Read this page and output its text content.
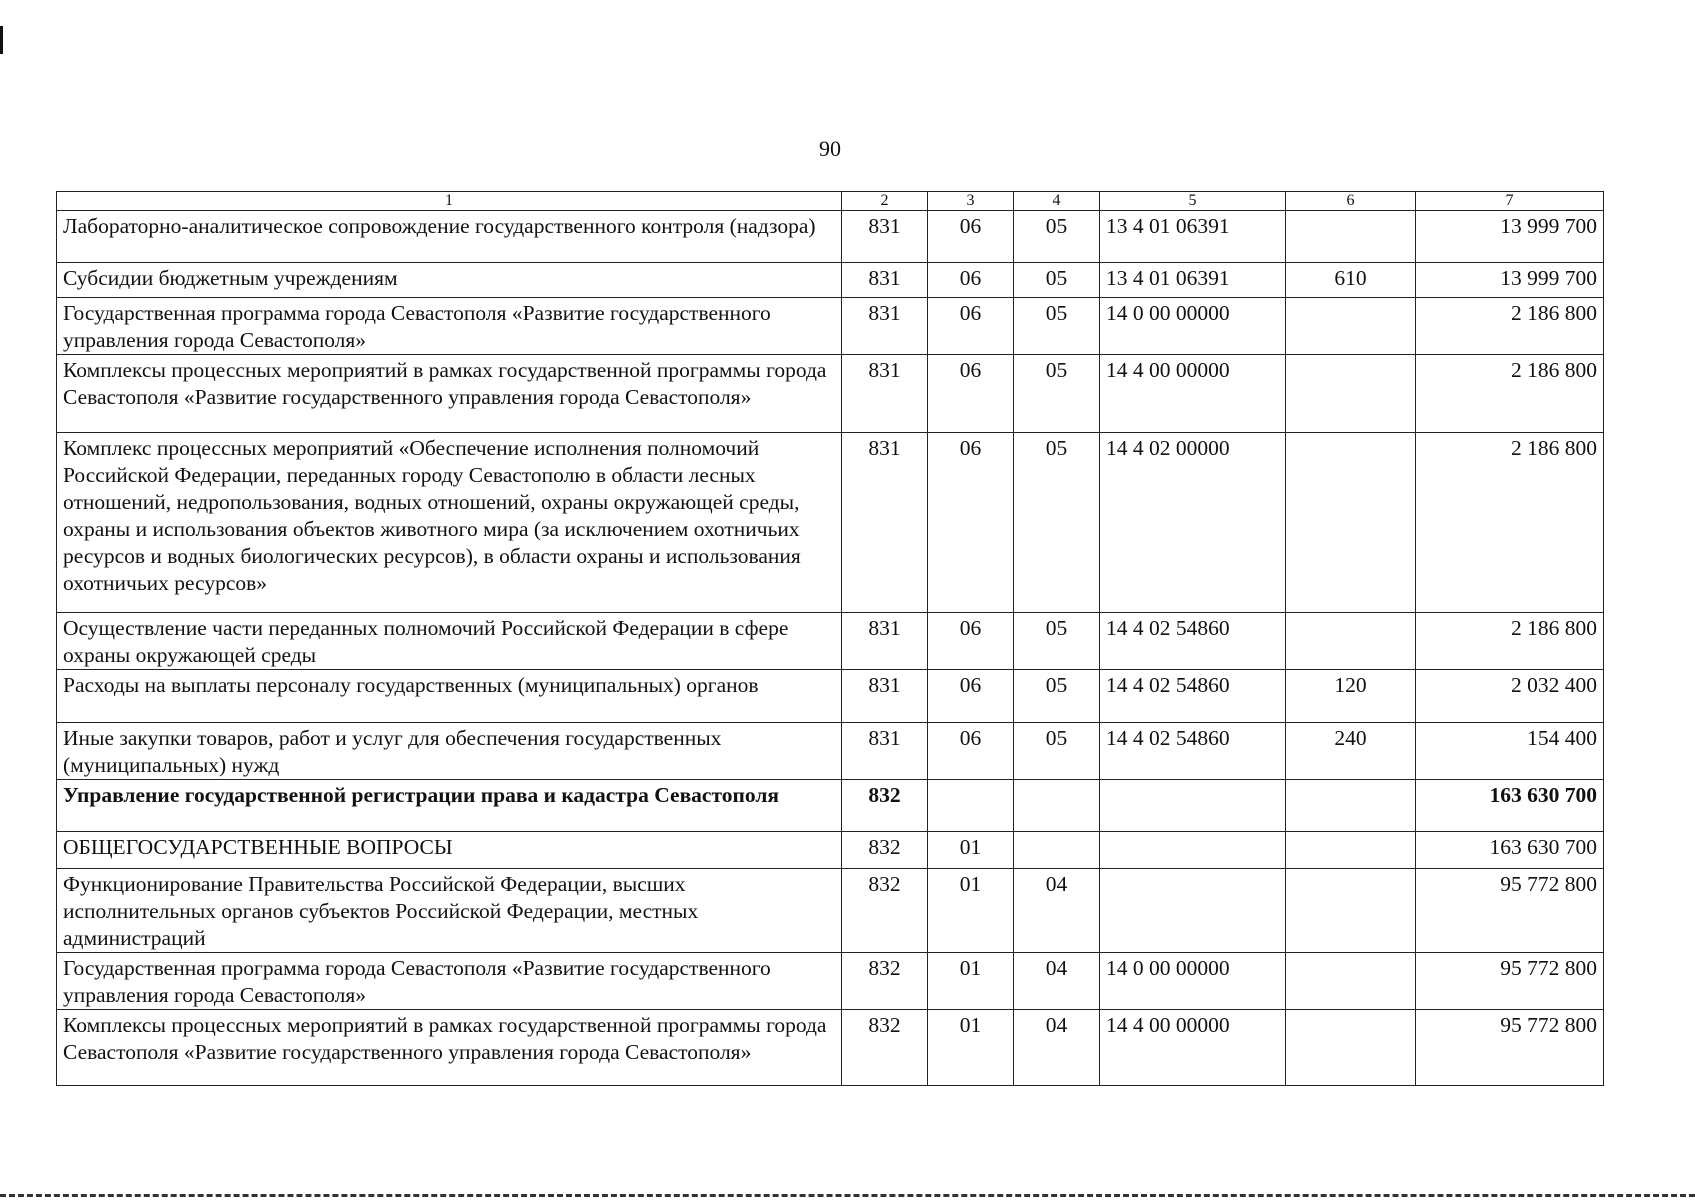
90
1	2	3	4	5	6	7
Лабораторно-аналитическое сопровождение государственного контроля (надзора)	831	06	05	13 4 01 06391		13 999 700
Субсидии бюджетным учреждениям	831	06	05	13 4 01 06391	610	13 999 700
Государственная программа города Севастополя «Развитие государственного управления города Севастополя»	831	06	05	14 0 00 00000		2 186 800
Комплексы процессных мероприятий в рамках государственной программы города Севастополя «Развитие государственного управления города Севастополя»	831	06	05	14 4 00 00000		2 186 800
Комплекс процессных мероприятий «Обеспечение исполнения полномочий Российской Федерации, переданных городу Севастополю в области лесных отношений, недропользования, водных отношений, охраны окружающей среды, охраны и использования объектов животного мира (за исключением охотничьих ресурсов и водных биологических ресурсов), в области охраны и использования охотничьих ресурсов»	831	06	05	14 4 02 00000		2 186 800
Осуществление части переданных полномочий Российской Федерации в сфере охраны окружающей среды	831	06	05	14 4 02 54860		2 186 800
Расходы на выплаты персоналу государственных (муниципальных) органов	831	06	05	14 4 02 54860	120	2 032 400
Иные закупки товаров, работ и услуг для обеспечения государственных (муниципальных) нужд	831	06	05	14 4 02 54860	240	154 400
Управление государственной регистрации права и кадастра Севастополя	832					163 630 700
ОБЩЕГОСУДАРСТВЕННЫЕ ВОПРОСЫ	832	01				163 630 700
Функционирование Правительства Российской Федерации, высших исполнительных органов субъектов Российской Федерации, местных администраций	832	01	04			95 772 800
Государственная программа города Севастополя «Развитие государственного управления города Севастополя»	832	01	04	14 0 00 00000		95 772 800
Комплексы процессных мероприятий в рамках государственной программы города Севастополя «Развитие государственного управления города Севастополя»	832	01	04	14 4 00 00000		95 772 800
